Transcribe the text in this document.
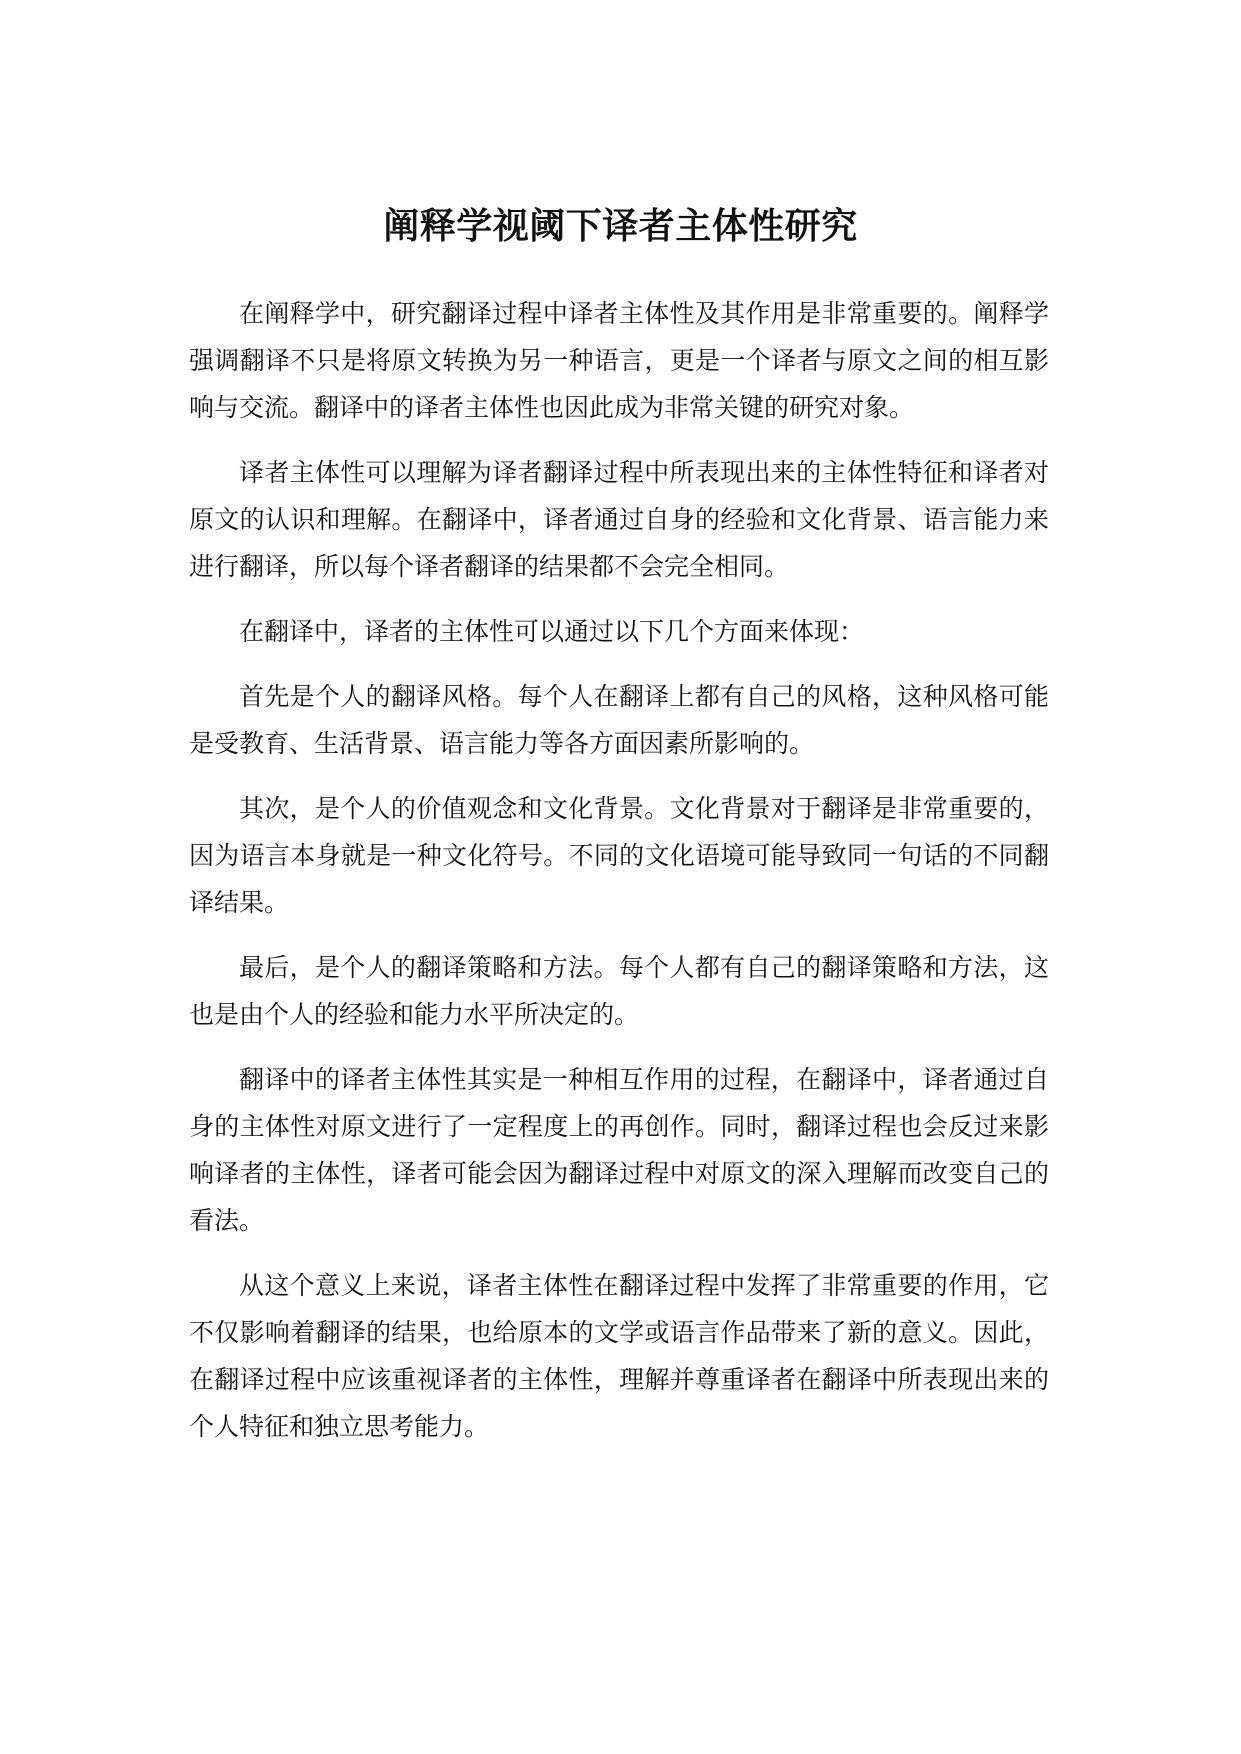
阐释学视阈下译者主体性研究

在阐释学中，研究翻译过程中译者主体性及其作用是非常重要的。阐释学强调翻译不只是将原文转换为另一种语言，更是一个译者与原文之间的相互影响与交流。翻译中的译者主体性也因此成为非常关键的研究对象。

译者主体性可以理解为译者翻译过程中所表现出来的主体性特征和译者对原文的认识和理解。在翻译中，译者通过自身的经验和文化背景、语言能力来进行翻译，所以每个译者翻译的结果都不会完全相同。

在翻译中，译者的主体性可以通过以下几个方面来体现：

首先是个人的翻译风格。每个人在翻译上都有自己的风格，这种风格可能是受教育、生活背景、语言能力等各方面因素所影响的。

其次，是个人的价值观念和文化背景。文化背景对于翻译是非常重要的，因为语言本身就是一种文化符号。不同的文化语境可能导致同一句话的不同翻译结果。

最后，是个人的翻译策略和方法。每个人都有自己的翻译策略和方法，这也是由个人的经验和能力水平所决定的。

翻译中的译者主体性其实是一种相互作用的过程，在翻译中，译者通过自身的主体性对原文进行了一定程度上的再创作。同时，翻译过程也会反过来影响译者的主体性，译者可能会因为翻译过程中对原文的深入理解而改变自己的看法。

从这个意义上来说，译者主体性在翻译过程中发挥了非常重要的作用，它不仅影响着翻译的结果，也给原本的文学或语言作品带来了新的意义。因此，在翻译过程中应该重视译者的主体性，理解并尊重译者在翻译中所表现出来的个人特征和独立思考能力。
